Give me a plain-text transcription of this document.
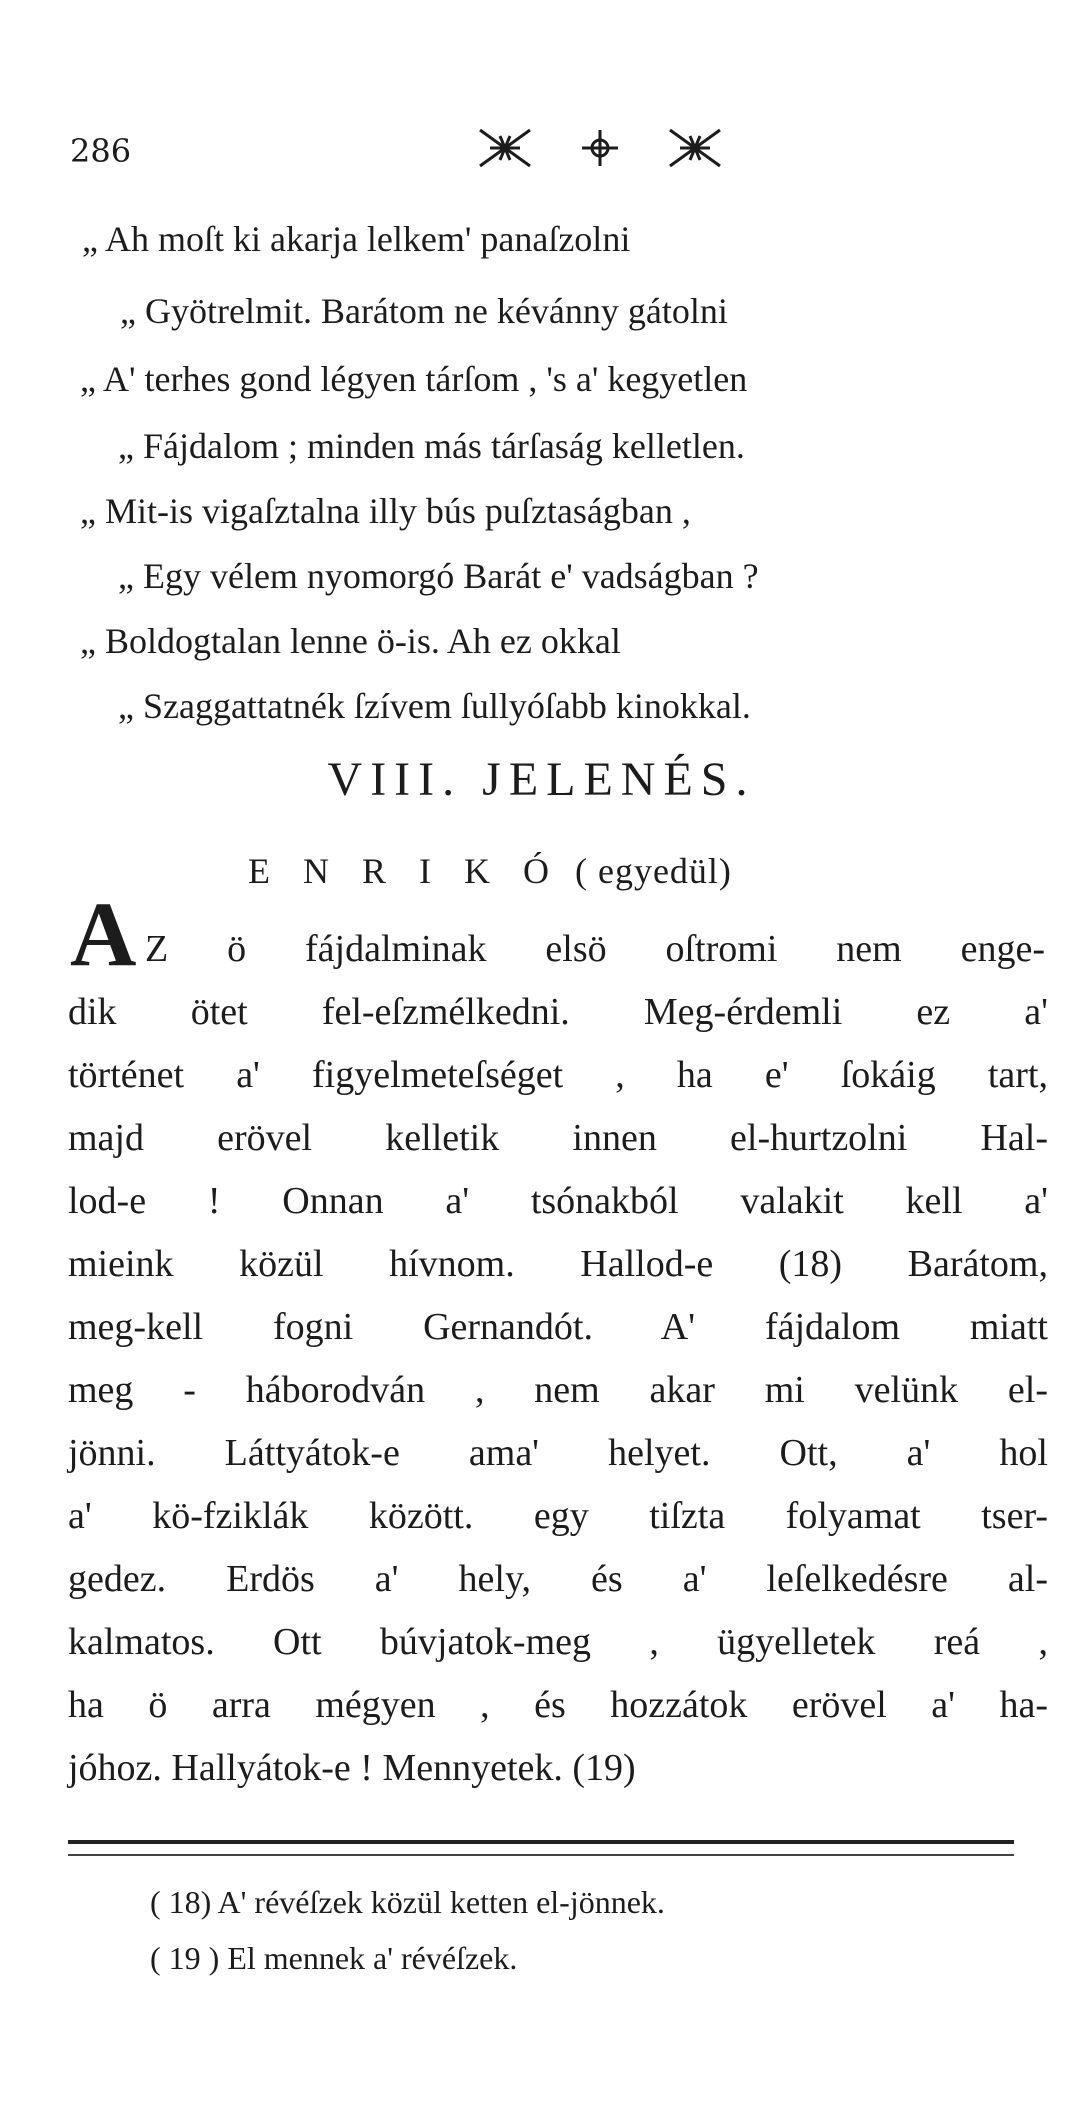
286
„ Ah moſt ki akarja lelkem' panaſzolni
„ Gyötrelmit. Barátom ne kévánny gátolni
„ A' terhes gond légyen tárſom , 's a' kegyetlen
„ Fájdalom ; minden más tárſaság kelletlen.
„ Mit-is vigaſztalna illy bús puſztaságban ,
„ Egy vélem nyomorgó Barát e' vadságban ?
„ Boldogtalan lenne ö-is. Ah ez okkal
„ Szaggattatnék ſzívem ſullyóſabb kinokkal.
VIII. JELENÉS.
E N R I K Ó ( egyedül)
A Z ö fájdalminak elsö oſtromi nem enge-
dik ötet fel-eſzmélkedni. Meg-érdemli ez a'
történet a' figyelmeteſséget , ha e' ſokáig tart,
majd erövel kelletik innen el-hurtzolni Hal-
lod-e ! Onnan a' tsónakból valakit kell a'
mieink közül hívnom. Hallod-e (18) Barátom,
meg-kell fogni Gernandót. A' fájdalom miatt
meg - háborodván , nem akar mi velünk el-
jönni. Láttyátok-e ama' helyet. Ott, a' hol
a' kö-fziklák között. egy tiſzta folyamat tser-
gedez. Erdös a' hely, és a' leſelkedésre al-
kalmatos. Ott búvjatok-meg , ügyelletek reá ,
ha ö arra mégyen , és hozzátok erövel a' ha-
jóhoz. Hallyátok-e ! Mennyetek. (19)
( 18) A' révéſzek közül ketten el-jönnek.
( 19 ) El mennek a' révéſzek.
